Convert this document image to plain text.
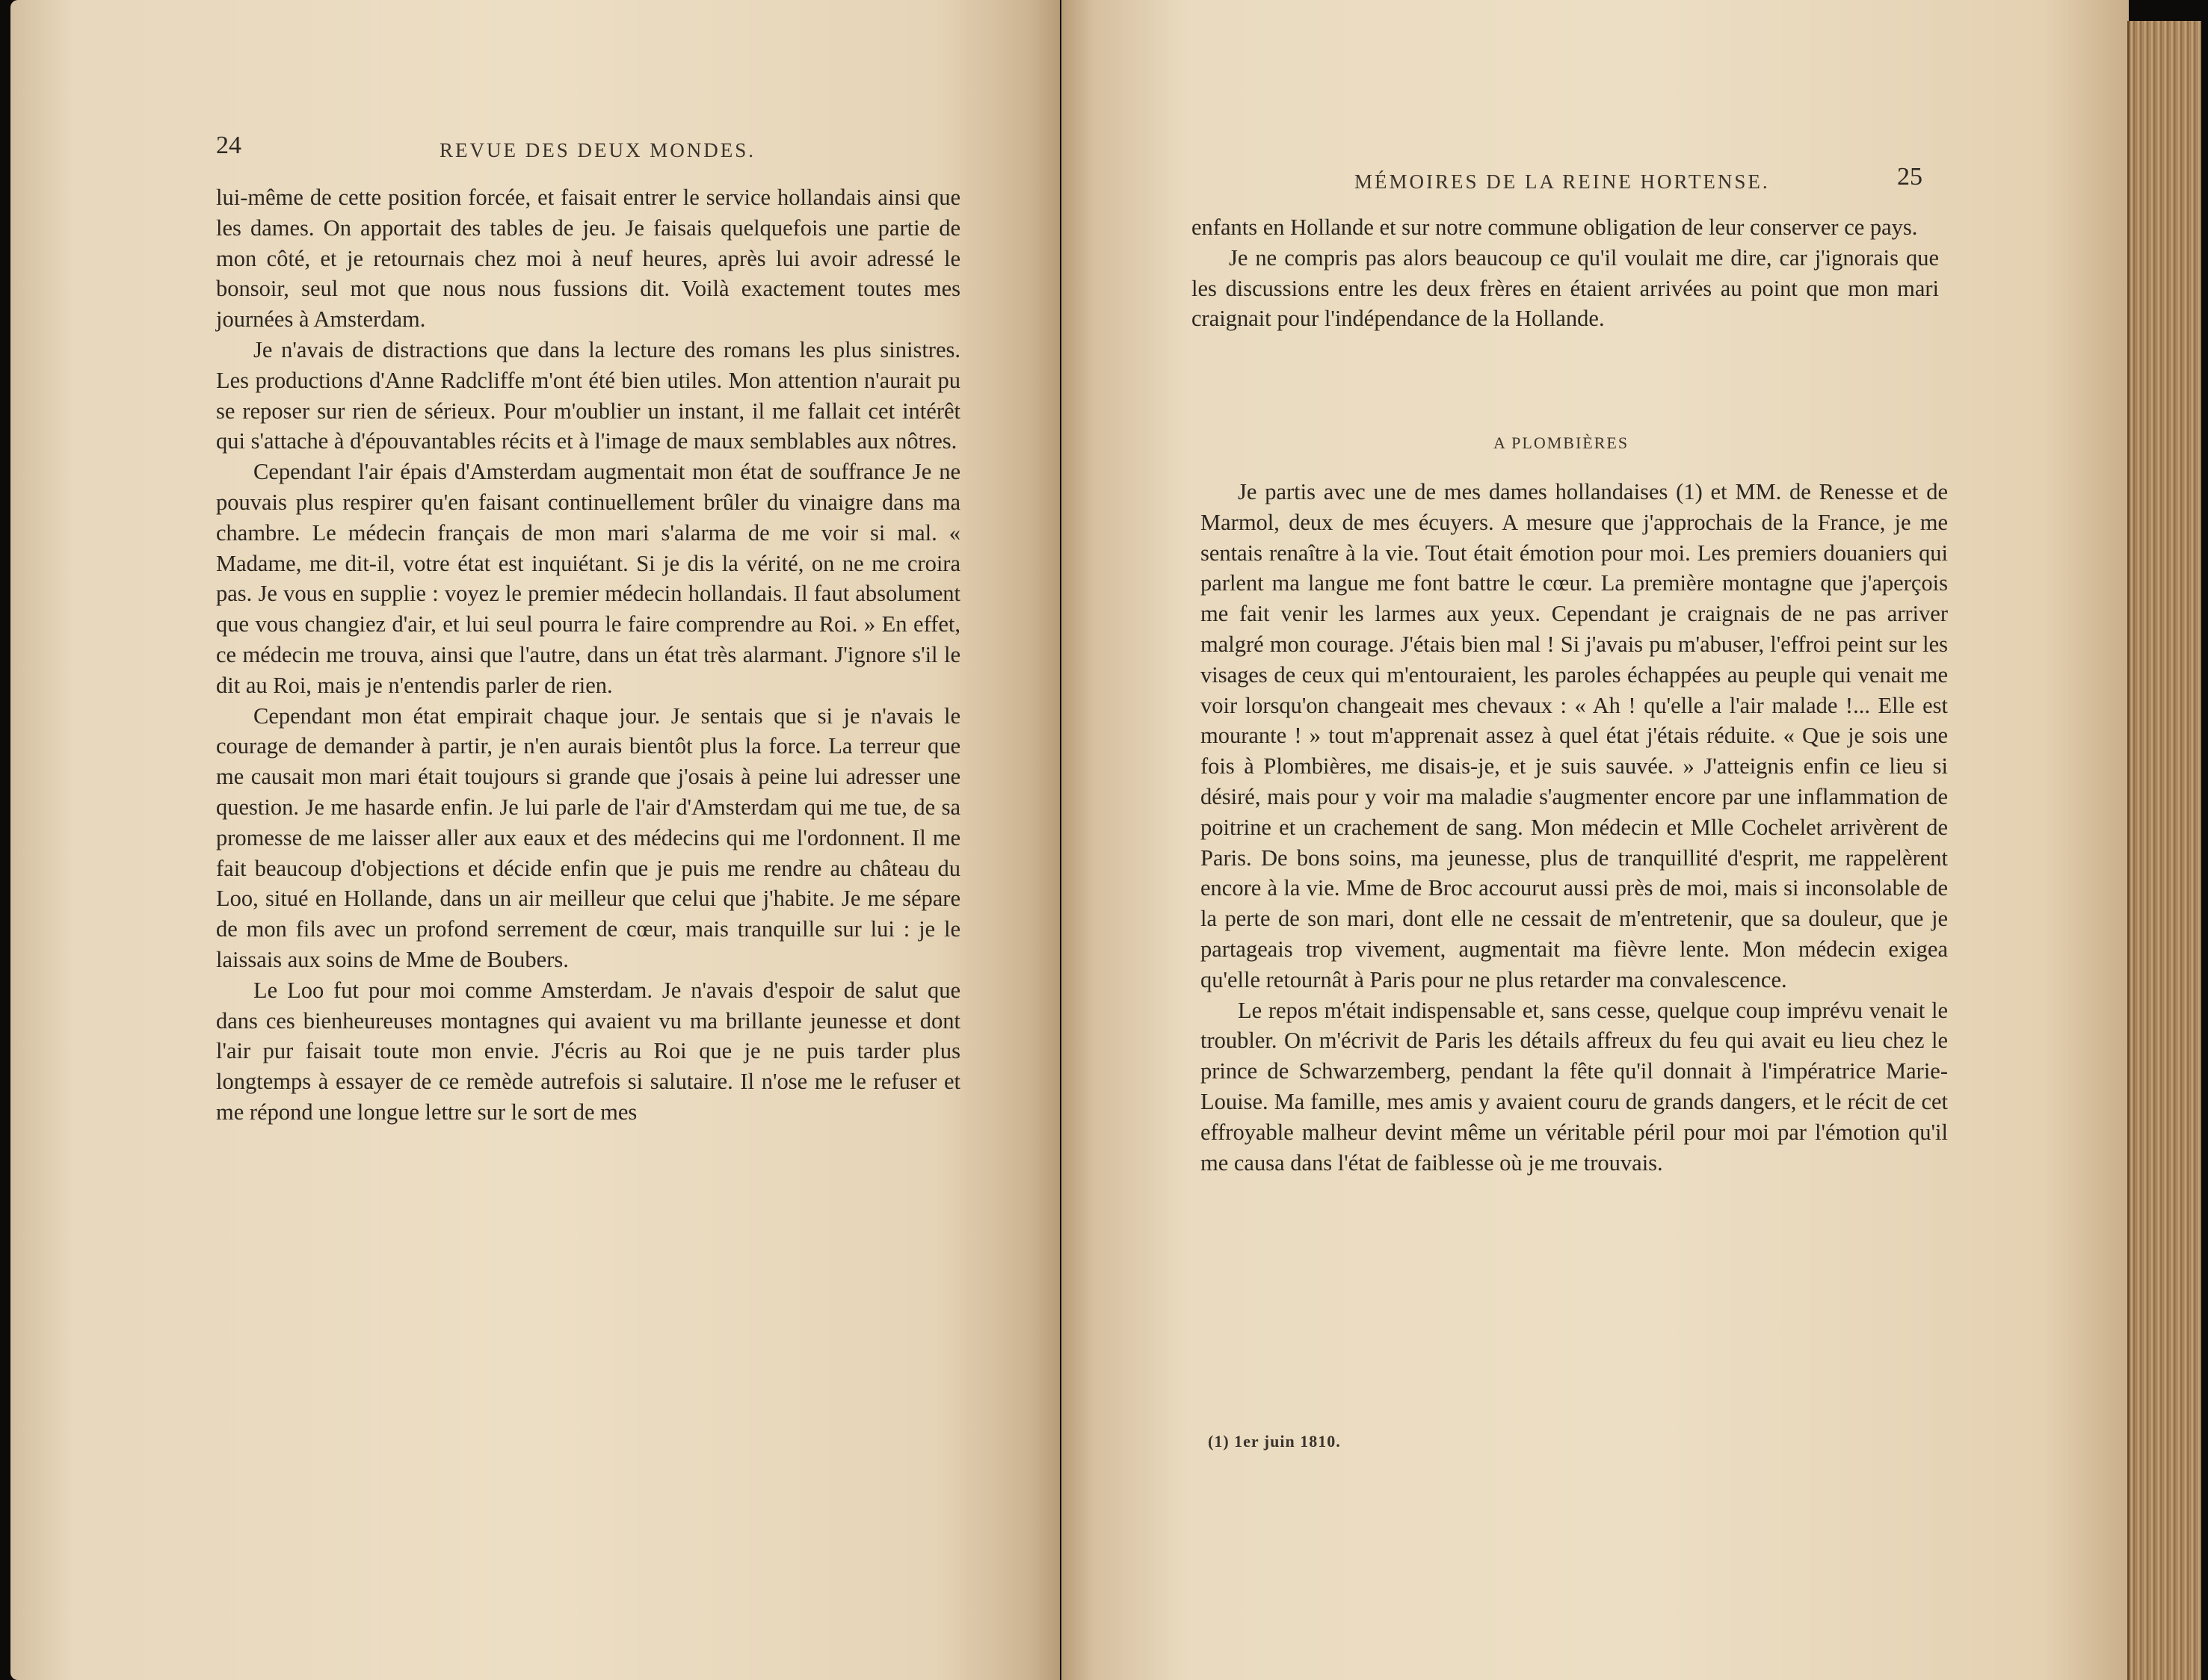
24	REVUE DES DEUX MONDES.

lui-même de cette position forcée, et faisait entrer le service hollandais ainsi que les dames. On apportait des tables de jeu. Je faisais quelquefois une partie de mon côté, et je retournais chez moi à neuf heures, après lui avoir adressé le bonsoir, seul mot que nous nous fussions dit. Voilà exactement toutes mes journées à Amsterdam.

Je n'avais de distractions que dans la lecture des romans les plus sinistres. Les productions d'Anne Radcliffe m'ont été bien utiles. Mon attention n'aurait pu se reposer sur rien de sérieux. Pour m'oublier un instant, il me fallait cet intérêt qui s'attache à d'épouvantables récits et à l'image de maux semblables aux nôtres.

Cependant l'air épais d'Amsterdam augmentait mon état de souffrance Je ne pouvais plus respirer qu'en faisant continuellement brûler du vinaigre dans ma chambre. Le médecin français de mon mari s'alarma de me voir si mal. « Madame, me dit-il, votre état est inquiétant. Si je dis la vérité, on ne me croira pas. Je vous en supplie : voyez le premier médecin hollandais. Il faut absolument que vous changiez d'air, et lui seul pourra le faire comprendre au Roi. » En effet, ce médecin me trouva, ainsi que l'autre, dans un état très alarmant. J'ignore s'il le dit au Roi, mais je n'entendis parler de rien.

Cependant mon état empirait chaque jour. Je sentais que si je n'avais le courage de demander à partir, je n'en aurais bientôt plus la force. La terreur que me causait mon mari était toujours si grande que j'osais à peine lui adresser une question. Je me hasarde enfin. Je lui parle de l'air d'Amsterdam qui me tue, de sa promesse de me laisser aller aux eaux et des médecins qui me l'ordonnent. Il me fait beaucoup d'objections et décide enfin que je puis me rendre au château du Loo, situé en Hollande, dans un air meilleur que celui que j'habite. Je me sépare de mon fils avec un profond serrement de cœur, mais tranquille sur lui : je le laissais aux soins de Mme de Boubers.

Le Loo fut pour moi comme Amsterdam. Je n'avais d'espoir de salut que dans ces bienheureuses montagnes qui avaient vu ma brillante jeunesse et dont l'air pur faisait toute mon envie. J'écris au Roi que je ne puis tarder plus longtemps à essayer de ce remède autrefois si salutaire. Il n'ose me le refuser et me répond une longue lettre sur le sort de mes

MÉMOIRES DE LA REINE HORTENSE.	25

enfants en Hollande et sur notre commune obligation de leur conserver ce pays.

Je ne compris pas alors beaucoup ce qu'il voulait me dire, car j'ignorais que les discussions entre les deux frères en étaient arrivées au point que mon mari craignait pour l'indépendance de la Hollande.

A PLOMBIÈRES

Je partis avec une de mes dames hollandaises (1) et MM. de Renesse et de Marmol, deux de mes écuyers. A mesure que j'approchais de la France, je me sentais renaître à la vie. Tout était émotion pour moi. Les premiers douaniers qui parlent ma langue me font battre le cœur. La première montagne que j'aperçois me fait venir les larmes aux yeux. Cependant je craignais de ne pas arriver malgré mon courage. J'étais bien mal ! Si j'avais pu m'abuser, l'effroi peint sur les visages de ceux qui m'entouraient, les paroles échappées au peuple qui venait me voir lorsqu'on changeait mes chevaux : « Ah ! qu'elle a l'air malade !... Elle est mourante ! » tout m'apprenait assez à quel état j'étais réduite. « Que je sois une fois à Plombières, me disais-je, et je suis sauvée. » J'atteignis enfin ce lieu si désiré, mais pour y voir ma maladie s'augmenter encore par une inflammation de poitrine et un crachement de sang. Mon médecin et Mlle Cochelet arrivèrent de Paris. De bons soins, ma jeunesse, plus de tranquillité d'esprit, me rappelèrent encore à la vie. Mme de Broc accourut aussi près de moi, mais si inconsolable de la perte de son mari, dont elle ne cessait de m'entretenir, que sa douleur, que je partageais trop vivement, augmentait ma fièvre lente. Mon médecin exigea qu'elle retournât à Paris pour ne plus retarder ma convalescence.

Le repos m'était indispensable et, sans cesse, quelque coup imprévu venait le troubler. On m'écrivit de Paris les détails affreux du feu qui avait eu lieu chez le prince de Schwarzemberg, pendant la fête qu'il donnait à l'impératrice Marie-Louise. Ma famille, mes amis y avaient couru de grands dangers, et le récit de cet effroyable malheur devint même un véritable péril pour moi par l'émotion qu'il me causa dans l'état de faiblesse où je me trouvais.

(1) 1er juin 1810.
